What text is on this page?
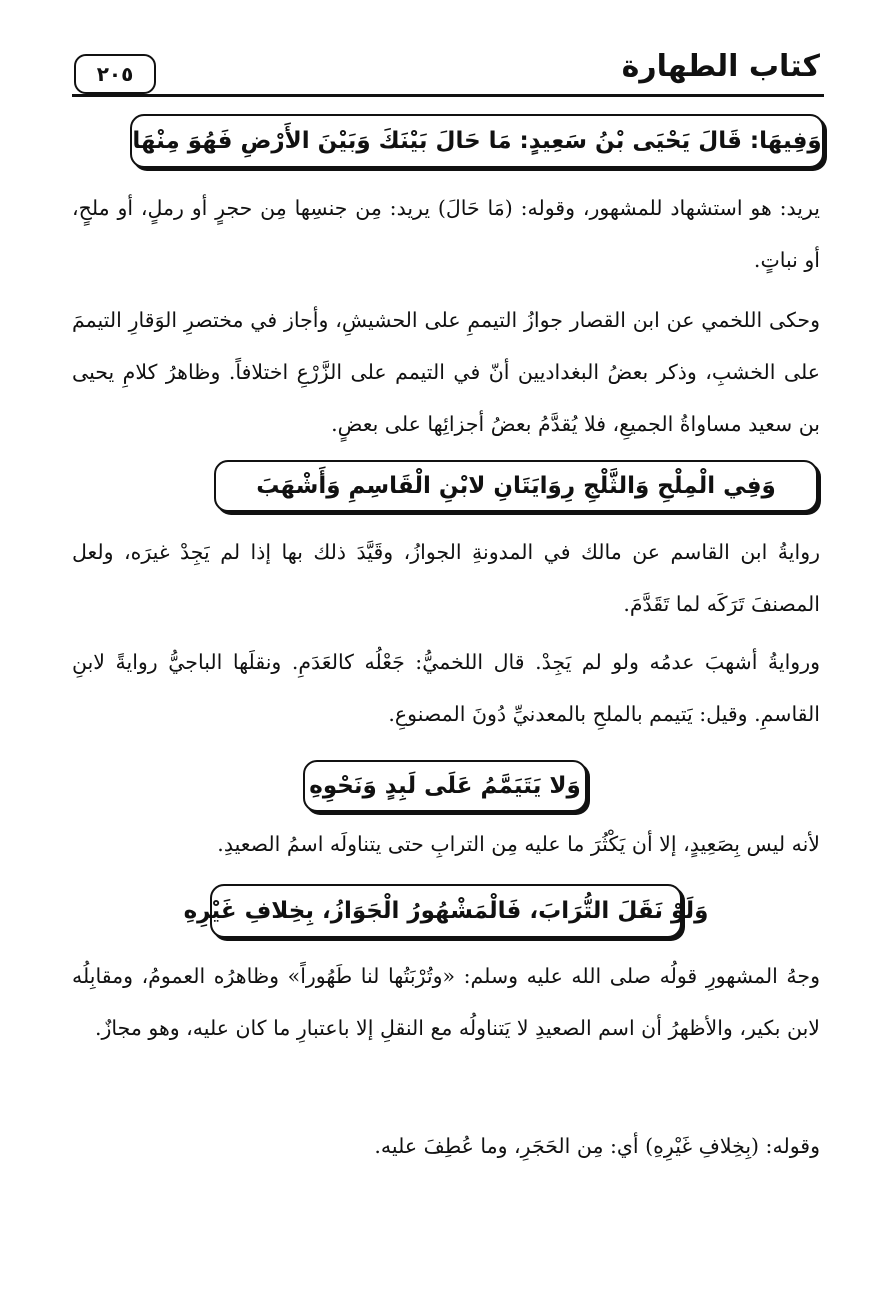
٢٠٥	كتاب الطهارة
وَفِيهَا: قَالَ يَحْيَى بْنُ سَعِيدٍ: مَا حَالَ بَيْنَكَ وَبَيْنَ الأَرْضِ فَهُوَ مِنْهَا
يريد: هو استشهاد للمشهور، وقوله: (مَا حَالَ) يريد: مِن جنسِها مِن حجرٍ أو رملٍ، أو ملحٍ، أو نباتٍ.
وحكى اللخمي عن ابن القصار جوازُ التيممِ على الحشيشِ، وأجاز في مختصرِ الوَقارِ التيممَ على الخشبِ، وذكر بعضُ البغداديين أنّ في التيمم على الزَّرْعِ اختلافاً. وظاهرُ كلامِ يحيى بن سعيد مساواةُ الجميعِ، فلا يُقدَّمُ بعضُ أجزائِها على بعضٍ.
وَفِي الْمِلْحِ وَالثَّلْجِ رِوَايَتَانِ لابْنِ الْقَاسِمِ وَأَشْهَبَ
روايةُ ابن القاسم عن مالك في المدونةِ الجوازُ، وقَيَّدَ ذلك بها إذا لم يَجِدْ غيرَه، ولعل المصنفَ تَرَكَه لما تَقَدَّمَ.
وروايةُ أشهبَ عدمُه ولو لم يَجِدْ. قال اللخميُّ: جَعْلُه كالعَدَمِ. ونقلَها الباجيُّ روايةً لابنِ القاسمِ. وقيل: يَتيمم بالملحِ بالمعدنيِّ دُونَ المصنوعِ.
وَلا يَتَيَمَّمُ عَلَى لَبِدٍ وَنَحْوِهِ
لأنه ليس بِصَعِيدٍ، إلا أن يَكْثُرَ ما عليه مِن الترابِ حتى يتناولَه اسمُ الصعيدِ.
وَلَوْ نَقَلَ التُّرَابَ، فَالْمَشْهُورُ الْجَوَازُ، بِخِلافِ غَيْرِهِ
وجهُ المشهورِ قولُه صلى الله عليه وسلم: «وتُرْبَتُها لنا طَهُوراً» وظاهرُه العمومُ، ومقابِلُه لابن بكير، والأظهرُ أن اسم الصعيدِ لا يَتناولُه مع النقلِ إلا باعتبارِ ما كان عليه، وهو مجازٌ.
وقوله: (بِخِلافِ غَيْرِهِ) أي: مِن الحَجَرِ، وما عُطِفَ عليه.
